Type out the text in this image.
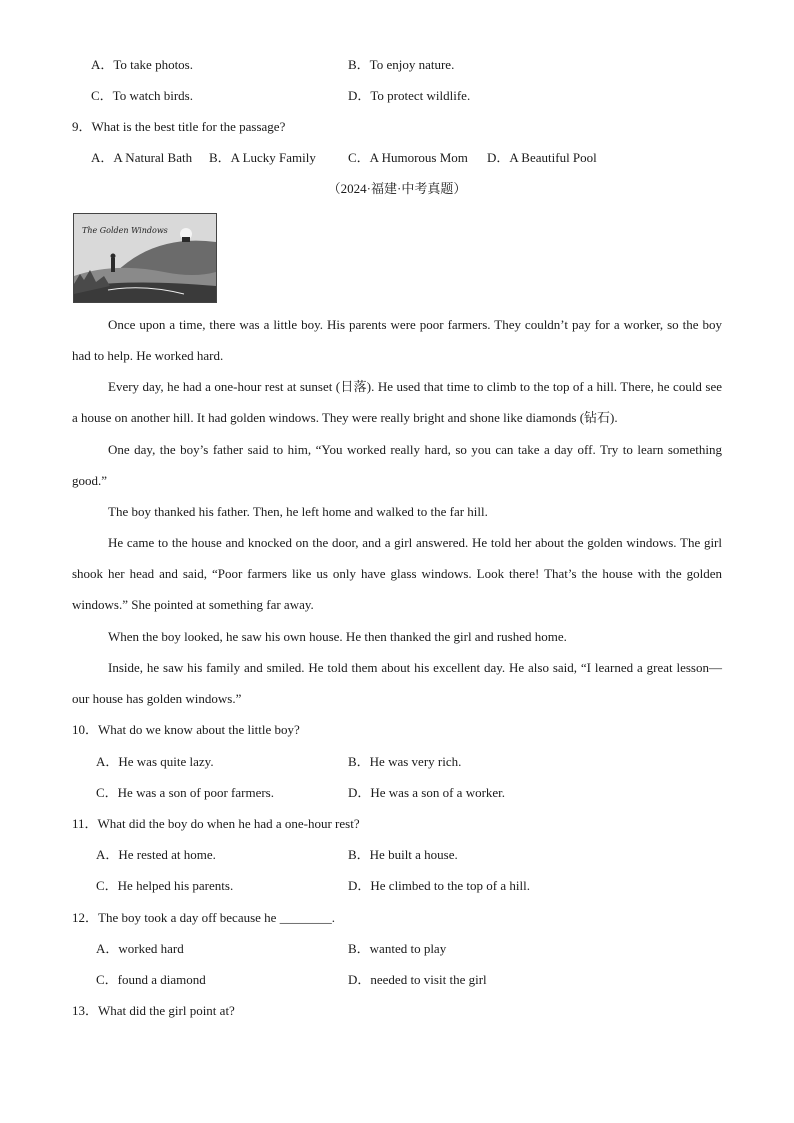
A．To take photos.	B．To enjoy nature.
C．To watch birds.	D．To protect wildlife.
9．What is the best title for the passage?
A．A Natural Bath B．A Lucky Family C．A Humorous Mom D．A Beautiful Pool
（2024·福建·中考真题）
The Golden Windows
Once upon a time, there was a little boy. His parents were poor farmers. They couldn’t pay for a worker, so the boy had to help. He worked hard.
Every day, he had a one-hour rest at sunset (日落). He used that time to climb to the top of a hill. There, he could see a house on another hill. It had golden windows. They were really bright and shone like diamonds (钻石).
One day, the boy’s father said to him, “You worked really hard, so you can take a day off. Try to learn something good.”
The boy thanked his father. Then, he left home and walked to the far hill.
He came to the house and knocked on the door, and a girl answered. He told her about the golden windows. The girl shook her head and said, “Poor farmers like us only have glass windows. Look there! That’s the house with the golden windows.” She pointed at something far away.
When the boy looked, he saw his own house. He then thanked the girl and rushed home.
Inside, he saw his family and smiled. He told them about his excellent day. He also said, “I learned a great lesson—our house has golden windows.”
10．What do we know about the little boy?
A．He was quite lazy.	B．He was very rich.
C．He was a son of poor farmers.	D．He was a son of a worker.
11．What did the boy do when he had a one-hour rest?
A．He rested at home.	B．He built a house.
C．He helped his parents.	D．He climbed to the top of a hill.
12．The boy took a day off because he ________.
A．worked hard	B．wanted to play
C．found a diamond	D．needed to visit the girl
13．What did the girl point at?
